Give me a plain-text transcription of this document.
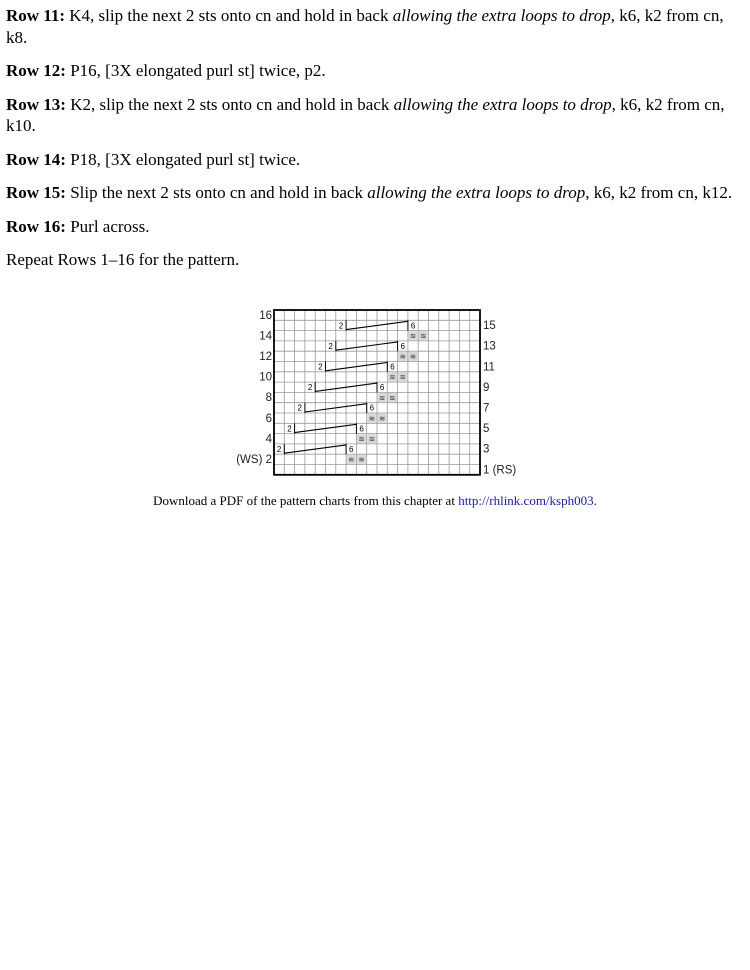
Row 11: K4, slip the next 2 sts onto cn and hold in back allowing the extra loops to drop, k6, k2 from cn, k8.

Row 12: P16, [3X elongated purl st] twice, p2.

Row 13: K2, slip the next 2 sts onto cn and hold in back allowing the extra loops to drop, k6, k2 from cn, k10.

Row 14: P18, [3X elongated purl st] twice.

Row 15: Slip the next 2 sts onto cn and hold in back allowing the extra loops to drop, k6, k2 from cn, k12.

Row 16: Purl across.

Repeat Rows 1–16 for the pattern.

16
14
12
10
8
6
4
(WS) 2
15
13
11
9
7
5
3
1 (RS)
2	6
≋ ≋
2	6
≋ ≋
2	6
≋ ≋
2	6
≋ ≋
2	6
≋ ≋
2	6
≋ ≋
2	6
≋ ≋
Download a PDF of the pattern charts from this chapter at http://rhlink.com/ksph003.
